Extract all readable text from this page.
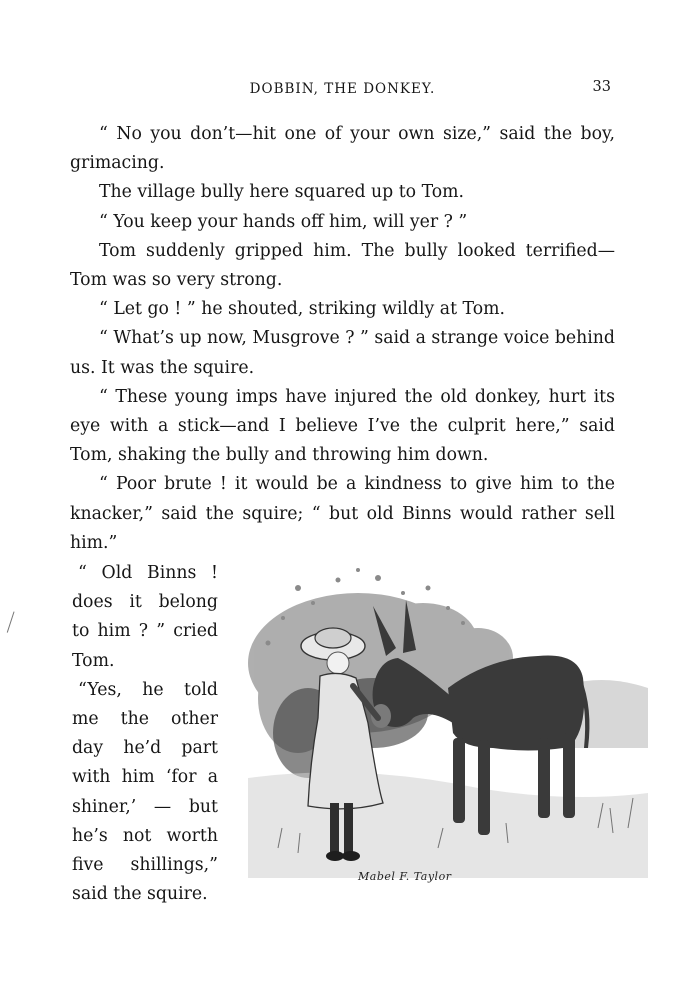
DOBBIN, THE DONKEY.	33

“ No you don’t—hit one of your own size,” said the boy, grimacing.

The village bully here squared up to Tom.

“ You keep your hands off him, will yer ? ”

Tom suddenly gripped him. The bully looked terrified—Tom was so very strong.

“ Let go ! ” he shouted, striking wildly at Tom.

“ What’s up now, Musgrove ? ” said a strange voice behind us. It was the squire.

“ These young imps have injured the old donkey, hurt its eye with a stick—and I believe I’ve the culprit here,” said Tom, shaking the bully and throwing him down.

“ Poor brute ! it would be a kindness to give him to the knacker,” said the squire; “ but old Binns would rather sell him.”

“ Old Binns ! does it belong to him ? ” cried Tom.

“Yes, he told me the other day he’d part with him ‘for a shiner,’ — but he’s not worth five shillings,” said the squire.

Mabel F. Taylor
